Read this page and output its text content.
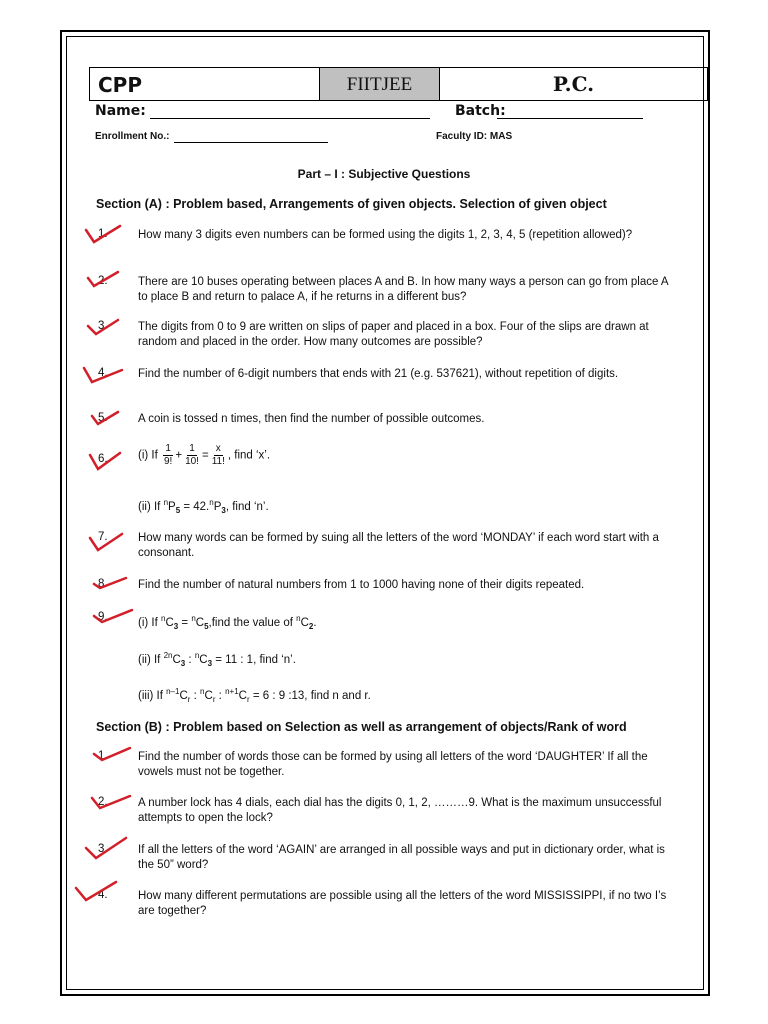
CPP	FIITJEE	P.C.
Name:	Batch:
Enrollment No.:	Faculty ID: MAS
Part – I : Subjective Questions
Section (A) : Problem based, Arrangements of given objects. Selection of given object
1.	How many 3 digits even numbers can be formed using the digits 1, 2, 3, 4, 5 (repetition allowed)?
2.	There are 10 buses operating between places A and B. In how many ways a person can go from place A to place B and return to palace A, if he returns in a different bus?
3.	The digits from 0 to 9 are written on slips of paper and placed in a box. Four of the slips are drawn at random and placed in the order. How many outcomes are possible?
4.	Find the number of 6-digit numbers that ends with 21 (e.g. 537621), without repetition of digits.
5.	A coin is tossed n times, then find the number of possible outcomes.
6.	(i) If $\frac{1}{9!} + \frac{1}{10!} = \frac{x}{11!}$ , find ‘x’.
(ii) If $^nP_5 = 42.^nP_3$, find ‘n’.
7.	How many words can be formed by suing all the letters of the word ‘MONDAY’ if each word start with a consonant.
8.	Find the number of natural numbers from 1 to 1000 having none of their digits repeated.
9.	(i) If $^nC_3$ = $^nC_5,find$ the value of $^nC_2$.
(ii) If $^{2n}C_3$ : $^nC_3 = 11$ : 1, find ‘n’.
(iii) If $^{n-1}C_r$ : $^nC_r$ : $^{n+1}C_r = 6$ : 9 :13, find n and r.
Section (B) : Problem based on Selection as well as arrangement of objects/Rank of word
1.	Find the number of words those can be formed by using all letters of the word ‘DAUGHTER’ If all the vowels must not be together.
2.	A number lock has 4 dials, each dial has the digits 0, 1, 2, ………9. What is the maximum unsuccessful attempts to open the lock?
3.	If all the letters of the word ‘AGAIN’ are arranged in all possible ways and put in dictionary order, what is the 50” word?
4.	How many different permutations are possible using all the letters of the word MISSISSIPPI, if no two I’s are together?
